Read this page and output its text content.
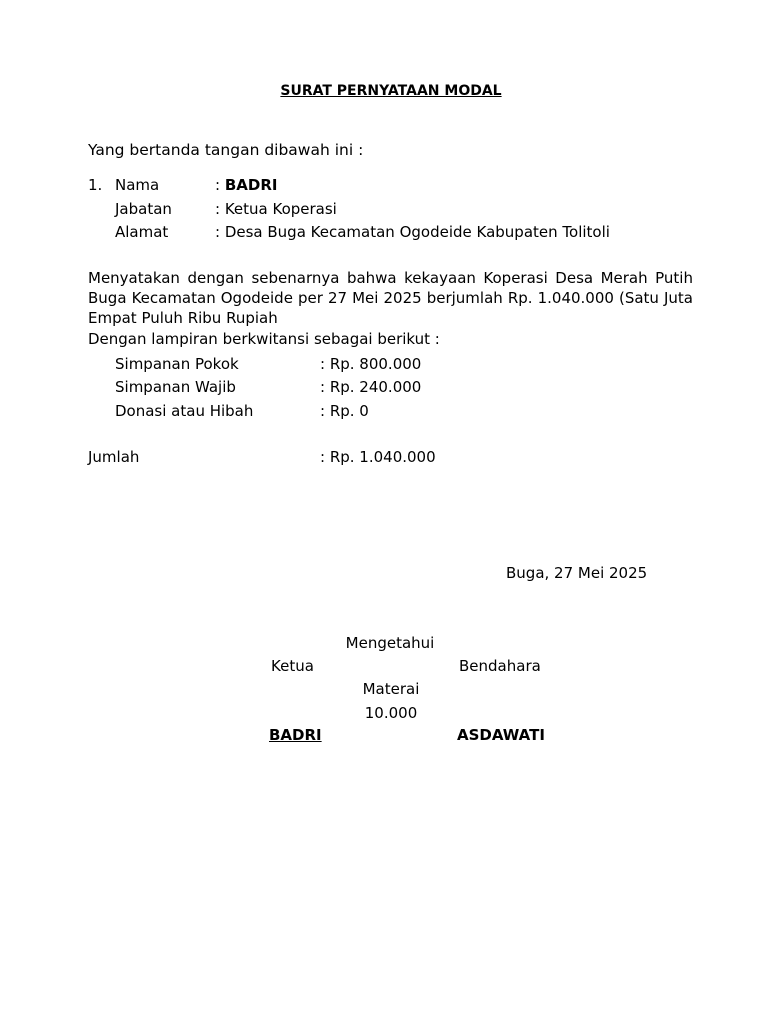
SURAT PERNYATAAN MODAL
Yang bertanda tangan dibawah ini :
1. Nama	: BADRI
Jabatan	: Ketua Koperasi
Alamat	: Desa Buga Kecamatan Ogodeide Kabupaten Tolitoli
Menyatakan dengan sebenarnya bahwa kekayaan Koperasi Desa Merah Putih Buga Kecamatan Ogodeide per 27 Mei 2025 berjumlah Rp. 1.040.000 (Satu Juta Empat Puluh Ribu Rupiah
Dengan lampiran berkwitansi sebagai berikut :
Simpanan Pokok	: Rp. 800.000
Simpanan Wajib	: Rp. 240.000
Donasi atau Hibah	: Rp. 0
Jumlah	: Rp. 1.040.000
Buga, 27 Mei 2025
Mengetahui
Ketua	Bendahara
Materai
10.000
BADRI	ASDAWATI
